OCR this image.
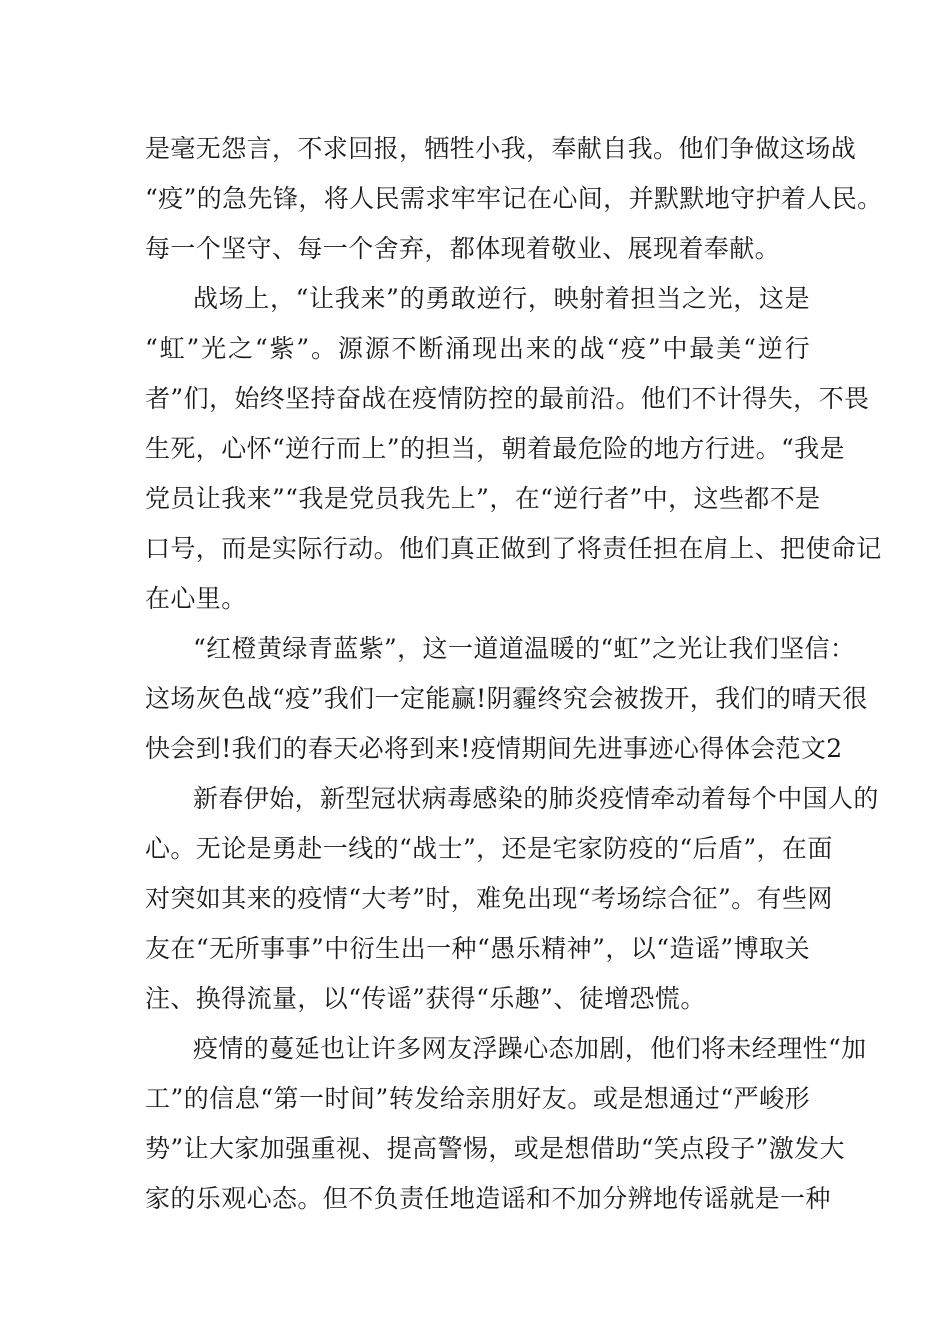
是毫无怨言，不求回报，牺牲小我，奉献自我。他们争做这场战
“疫”的急先锋，将人民需求牢牢记在心间，并默默地守护着人民。
每一个坚守、每一个舍弃，都体现着敬业、展现着奉献。
战场上，“让我来”的勇敢逆行，映射着担当之光，这是
“虹”光之“紫”。源源不断涌现出来的战“疫”中最美“逆行
者”们，始终坚持奋战在疫情防控的最前沿。他们不计得失，不畏
生死，心怀“逆行而上”的担当，朝着最危险的地方行进。“我是
党员让我来”“我是党员我先上”，在“逆行者”中，这些都不是
口号，而是实际行动。他们真正做到了将责任担在肩上、把使命记
在心里。
“红橙黄绿青蓝紫”，这一道道温暖的“虹”之光让我们坚信：
这场灰色战“疫”我们一定能赢!阴霾终究会被拨开，我们的晴天很
快会到!我们的春天必将到来!疫情期间先进事迹心得体会范文2
新春伊始，新型冠状病毒感染的肺炎疫情牵动着每个中国人的
心。无论是勇赴一线的“战士”，还是宅家防疫的“后盾”，在面
对突如其来的疫情“大考”时，难免出现“考场综合征”。有些网
友在“无所事事”中衍生出一种“愚乐精神”，以“造谣”博取关
注、换得流量，以“传谣”获得“乐趣”、徒增恐慌。
疫情的蔓延也让许多网友浮躁心态加剧，他们将未经理性“加
工”的信息“第一时间”转发给亲朋好友。或是想通过“严峻形
势”让大家加强重视、提高警惕，或是想借助“笑点段子”激发大
家的乐观心态。但不负责任地造谣和不加分辨地传谣就是一种
